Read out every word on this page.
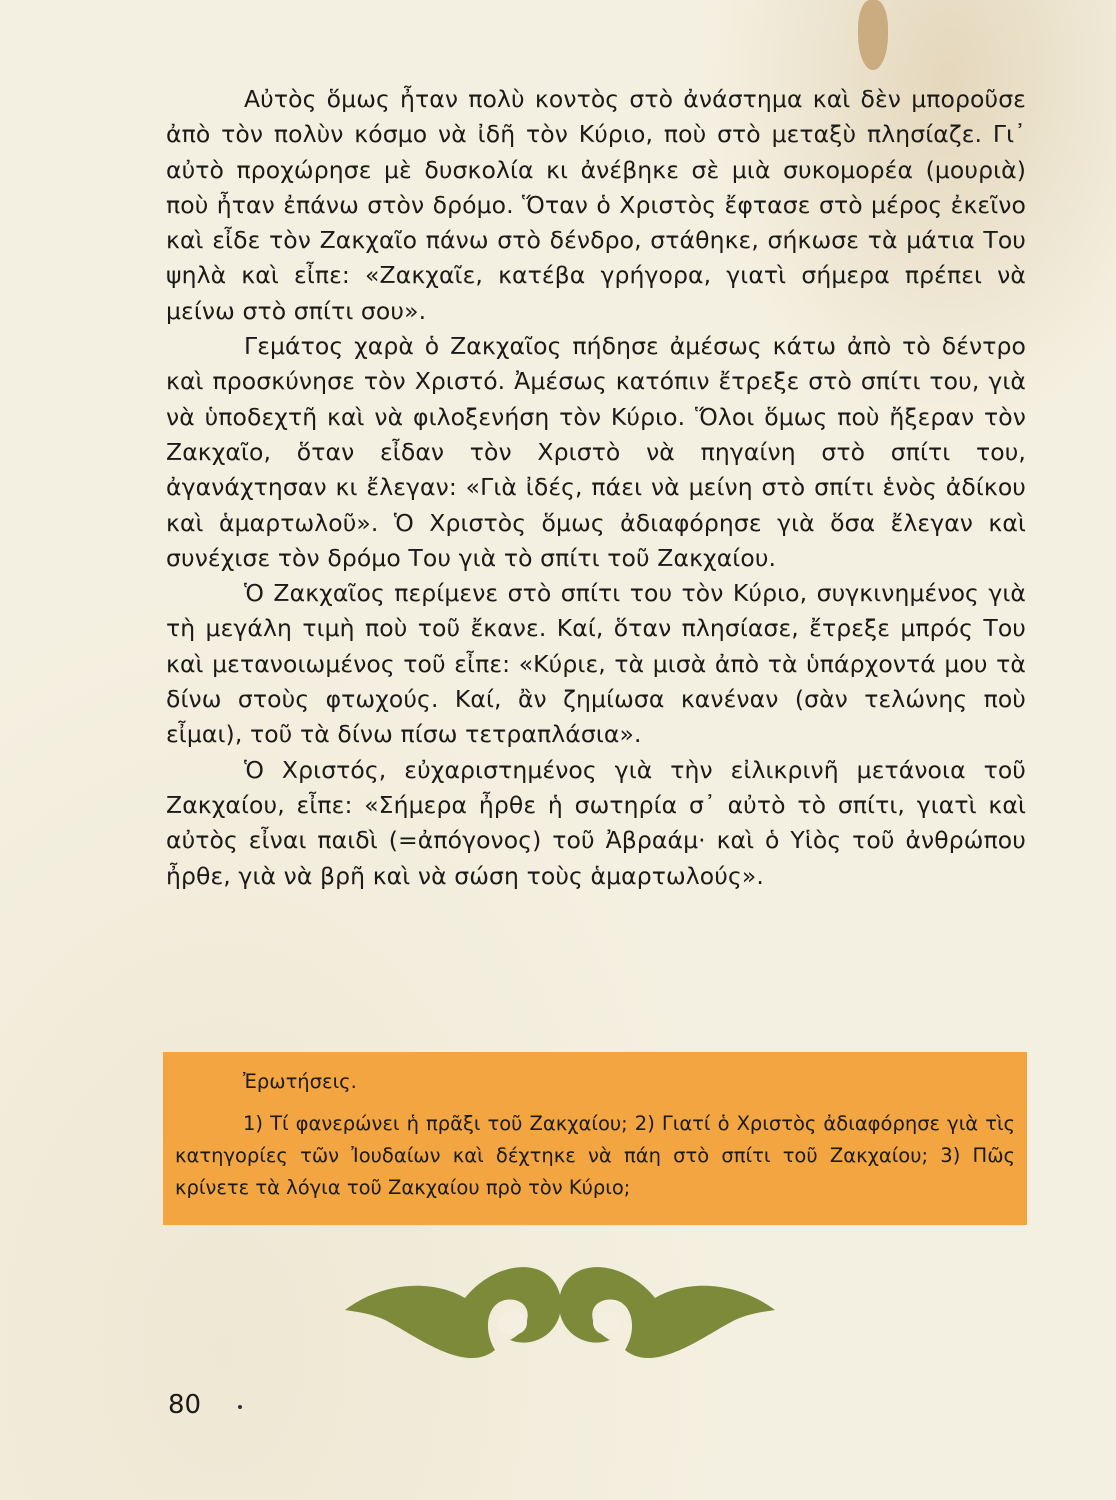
Αὐτὸς ὅμως ἦταν πολὺ κοντὸς στὸ ἀνάστημα καὶ δὲν μποροῦσε ἀπὸ τὸν πολὺν κόσμο νὰ ἰδῆ τὸν Κύριο, ποὺ στὸ μεταξὺ πλησίαζε. Γι᾽ αὐτὸ προχώρησε μὲ δυσκολία κι ἀνέβηκε σὲ μιὰ συκομορέα (μουριὰ) ποὺ ἦταν ἐπάνω στὸν δρόμο. Ὅταν ὁ Χριστὸς ἔφτασε στὸ μέρος ἐκεῖνο καὶ εἶδε τὸν Ζακχαῖο πάνω στὸ δένδρο, στάθηκε, σήκωσε τὰ μάτια Του ψηλὰ καὶ εἶπε: «Ζακχαῖε, κατέβα γρήγορα, γιατὶ σήμερα πρέπει νὰ μείνω στὸ σπίτι σου».

Γεμάτος χαρὰ ὁ Ζακχαῖος πήδησε ἀμέσως κάτω ἀπὸ τὸ δέντρο καὶ προσκύνησε τὸν Χριστό. Ἀμέσως κατόπιν ἔτρεξε στὸ σπίτι του, γιὰ νὰ ὑποδεχτῆ καὶ νὰ φιλοξενήση τὸν Κύριο. Ὅλοι ὅμως ποὺ ἤξεραν τὸν Ζακχαῖο, ὅταν εἶδαν τὸν Χριστὸ νὰ πηγαίνη στὸ σπίτι του, ἀγανάχτησαν κι ἔλεγαν: «Γιὰ ἰδές, πάει νὰ μείνη στὸ σπίτι ἑνὸς ἀδίκου καὶ ἁμαρτωλοῦ». Ὁ Χριστὸς ὅμως ἀδιαφόρησε γιὰ ὅσα ἔλεγαν καὶ συνέχισε τὸν δρόμο Του γιὰ τὸ σπίτι τοῦ Ζακχαίου.

Ὁ Ζακχαῖος περίμενε στὸ σπίτι του τὸν Κύριο, συγκινημένος γιὰ τὴ μεγάλη τιμὴ ποὺ τοῦ ἔκανε. Καί, ὅταν πλησίασε, ἔτρεξε μπρός Του καὶ μετανοιωμένος τοῦ εἶπε: «Κύριε, τὰ μισὰ ἀπὸ τὰ ὑπάρχοντά μου τὰ δίνω στοὺς φτωχούς. Καί, ἂν ζημίωσα κανέναν (σὰν τελώνης ποὺ εἶμαι), τοῦ τὰ δίνω πίσω τετραπλάσια».

Ὁ Χριστός, εὐχαριστημένος γιὰ τὴν εἰλικρινῆ μετάνοια τοῦ Ζακχαίου, εἶπε: «Σήμερα ἦρθε ἡ σωτηρία σ᾽ αὐτὸ τὸ σπίτι, γιατὶ καὶ αὐτὸς εἶναι παιδὶ (=ἀπόγονος) τοῦ Ἀβραάμ· καὶ ὁ Υἱὸς τοῦ ἀνθρώπου ἦρθε, γιὰ νὰ βρῆ καὶ νὰ σώση τοὺς ἁμαρτωλούς».

Ἐρωτήσεις.

1) Τί φανερώνει ἡ πρᾶξι τοῦ Ζακχαίου; 2) Γιατί ὁ Χριστὸς ἀδιαφόρησε γιὰ τὶς κατηγορίες τῶν Ἰουδαίων καὶ δέχτηκε νὰ πάη στὸ σπίτι τοῦ Ζακχαίου; 3) Πῶς κρίνετε τὰ λόγια τοῦ Ζακχαίου πρὸ τὸν Κύριο;

80
